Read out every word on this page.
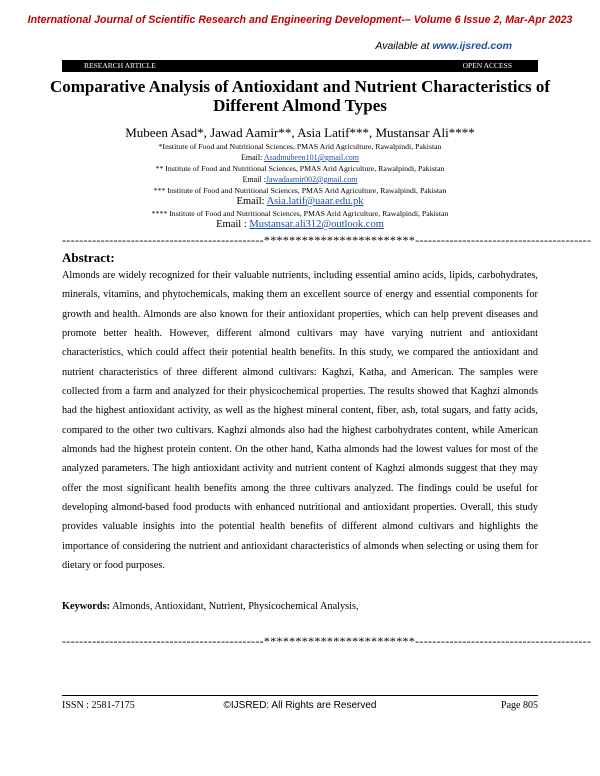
International Journal of Scientific Research and Engineering Development-– Volume 6 Issue 2, Mar-Apr 2023
Available at www.ijsred.com
RESEARCH ARTICLE	OPEN ACCESS
Comparative Analysis of Antioxidant and Nutrient Characteristics of Different Almond Types
Mubeen Asad*, Jawad Aamir**, Asia Latif***, Mustansar Ali****
*Institute of Food and Nutritional Sciences, PMAS Arid Agriculture, Rawalpindi, Pakistan
Email: Asadmubeen101@gmail.com
** Institute of Food and Nutritional Sciences, PMAS Arid Agriculture, Rawalpindi, Pakistan
Email :Jawadaamir002@gmail.com
*** Institute of Food and Nutritional Sciences, PMAS Arid Agriculture, Rawalpindi, Pakistan
Email: Asia.latif@uaar.edu.pk
**** Institute of Food and Nutritional Sciences, PMAS Arid Agriculture, Rawalpindi, Pakistan
Email : Mustansar.ali312@outlook.com
-----------------------------------------------************************-----------------------------------------
Abstract:
Almonds are widely recognized for their valuable nutrients, including essential amino acids, lipids, carbohydrates, minerals, vitamins, and phytochemicals, making them an excellent source of energy and essential components for growth and health. Almonds are also known for their antioxidant properties, which can help prevent diseases and promote better health. However, different almond cultivars may have varying nutrient and antioxidant characteristics, which could affect their potential health benefits. In this study, we compared the antioxidant and nutrient characteristics of three different almond cultivars: Kaghzi, Katha, and American. The samples were collected from a farm and analyzed for their physicochemical properties. The results showed that Kaghzi almonds had the highest antioxidant activity, as well as the highest mineral content, fiber, ash, total sugars, and fatty acids, compared to the other two cultivars. Kaghzi almonds also had the highest carbohydrates content, while American almonds had the highest protein content. On the other hand, Katha almonds had the lowest values for most of the analyzed parameters. The high antioxidant activity and nutrient content of Kaghzi almonds suggest that they may offer the most significant health benefits among the three cultivars analyzed. The findings could be useful for developing almond-based food products with enhanced nutritional and antioxidant properties. Overall, this study provides valuable insights into the potential health benefits of different almond cultivars and highlights the importance of considering the nutrient and antioxidant characteristics of almonds when selecting or using them for dietary or food purposes.
Keywords: Almonds, Antioxidant, Nutrient, Physicochemical Analysis,
-----------------------------------------------************************-----------------------------------------
ISSN : 2581-7175	©IJSRED: All Rights are Reserved	Page 805
